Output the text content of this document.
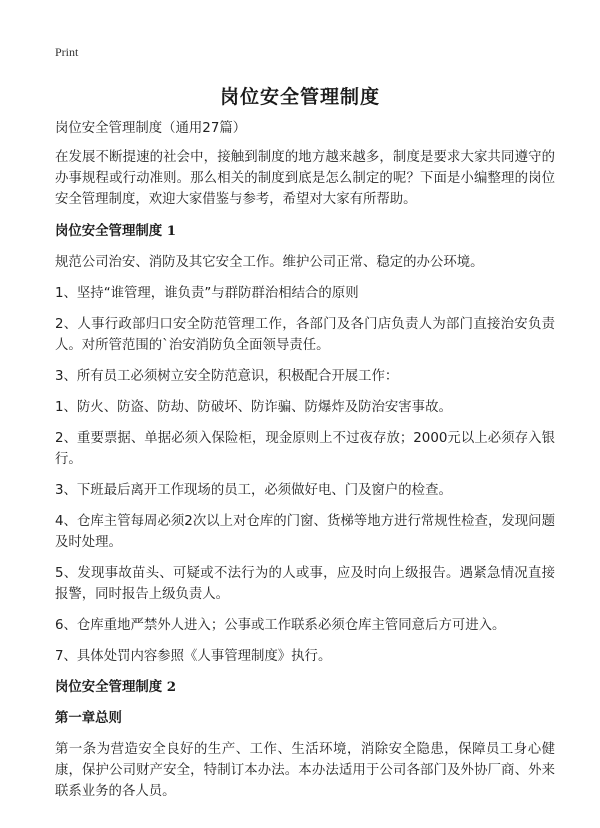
Print
岗位安全管理制度

岗位安全管理制度（通用27篇）

在发展不断提速的社会中，接触到制度的地方越来越多，制度是要求大家共同遵守的办事规程或行动准则。那么相关的制度到底是怎么制定的呢？下面是小编整理的岗位安全管理制度，欢迎大家借鉴与参考，希望对大家有所帮助。

岗位安全管理制度 1

规范公司治安、消防及其它安全工作。维护公司正常、稳定的办公环境。

1、坚持“谁管理，谁负责”与群防群治相结合的原则

2、人事行政部归口安全防范管理工作，各部门及各门店负责人为部门直接治安负责人。对所管范围的`治安消防负全面领导责任。

3、所有员工必须树立安全防范意识，积极配合开展工作：

1、防火、防盗、防劫、防破坏、防诈骗、防爆炸及防治安害事故。

2、重要票据、单据必须入保险柜，现金原则上不过夜存放；2000元以上必须存入银行。

3、下班最后离开工作现场的员工，必须做好电、门及窗户的检查。

4、仓库主管每周必须2次以上对仓库的门窗、货梯等地方进行常规性检查，发现问题及时处理。

5、发现事故苗头、可疑或不法行为的人或事，应及时向上级报告。遇紧急情况直接报警，同时报告上级负责人。

6、仓库重地严禁外人进入；公事或工作联系必须仓库主管同意后方可进入。

7、具体处罚内容参照《人事管理制度》执行。

岗位安全管理制度 2
第一章总则

第一条为营造安全良好的生产、工作、生活环境，消除安全隐患，保障员工身心健康，保护公司财产安全，特制订本办法。本办法适用于公司各部门及外协厂商、外来联系业务的各人员。
